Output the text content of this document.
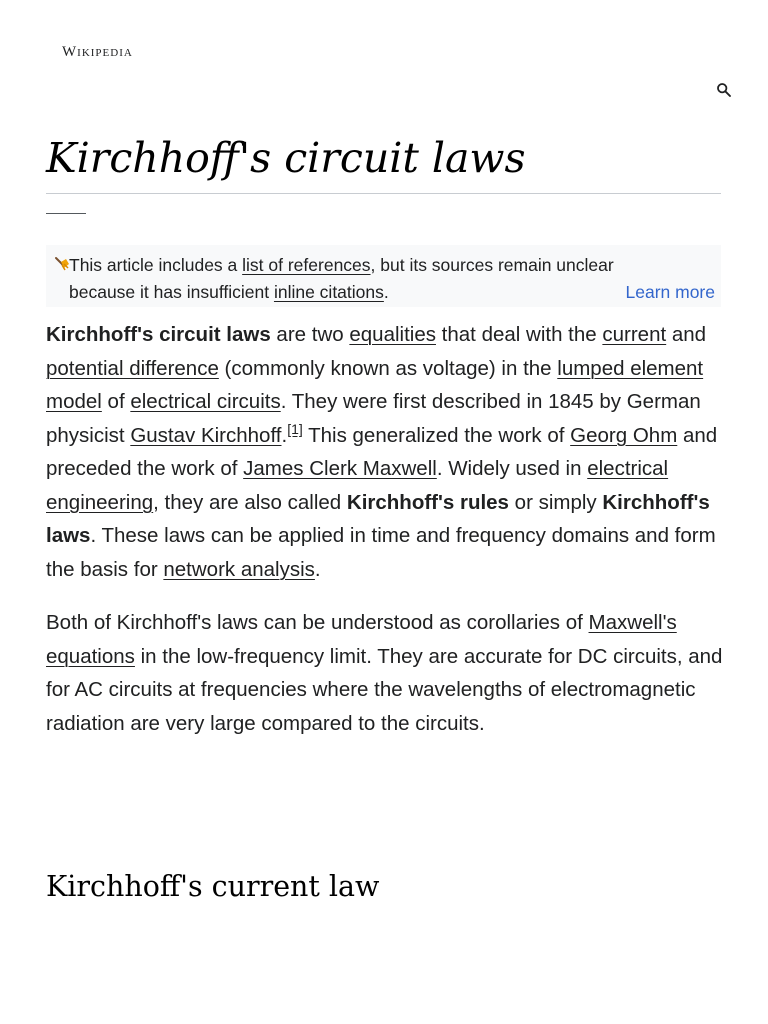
Wikipedia
Kirchhoff's circuit laws
This article includes a list of references, but its sources remain unclear
because it has insufficient inline citations.	Learn more

Kirchhoff's circuit laws are two equalities that deal with the current and potential difference (commonly known as voltage) in the lumped element model of electrical circuits. They were first described in 1845 by German physicist Gustav Kirchhoff.[1] This generalized the work of Georg Ohm and preceded the work of James Clerk Maxwell. Widely used in electrical engineering, they are also called Kirchhoff's rules or simply Kirchhoff's laws. These laws can be applied in time and frequency domains and form the basis for network analysis.

Both of Kirchhoff's laws can be understood as corollaries of Maxwell's equations in the low-frequency limit. They are accurate for DC circuits, and for AC circuits at frequencies where the wavelengths of electromagnetic radiation are very large compared to the circuits.

Kirchhoff's current law
